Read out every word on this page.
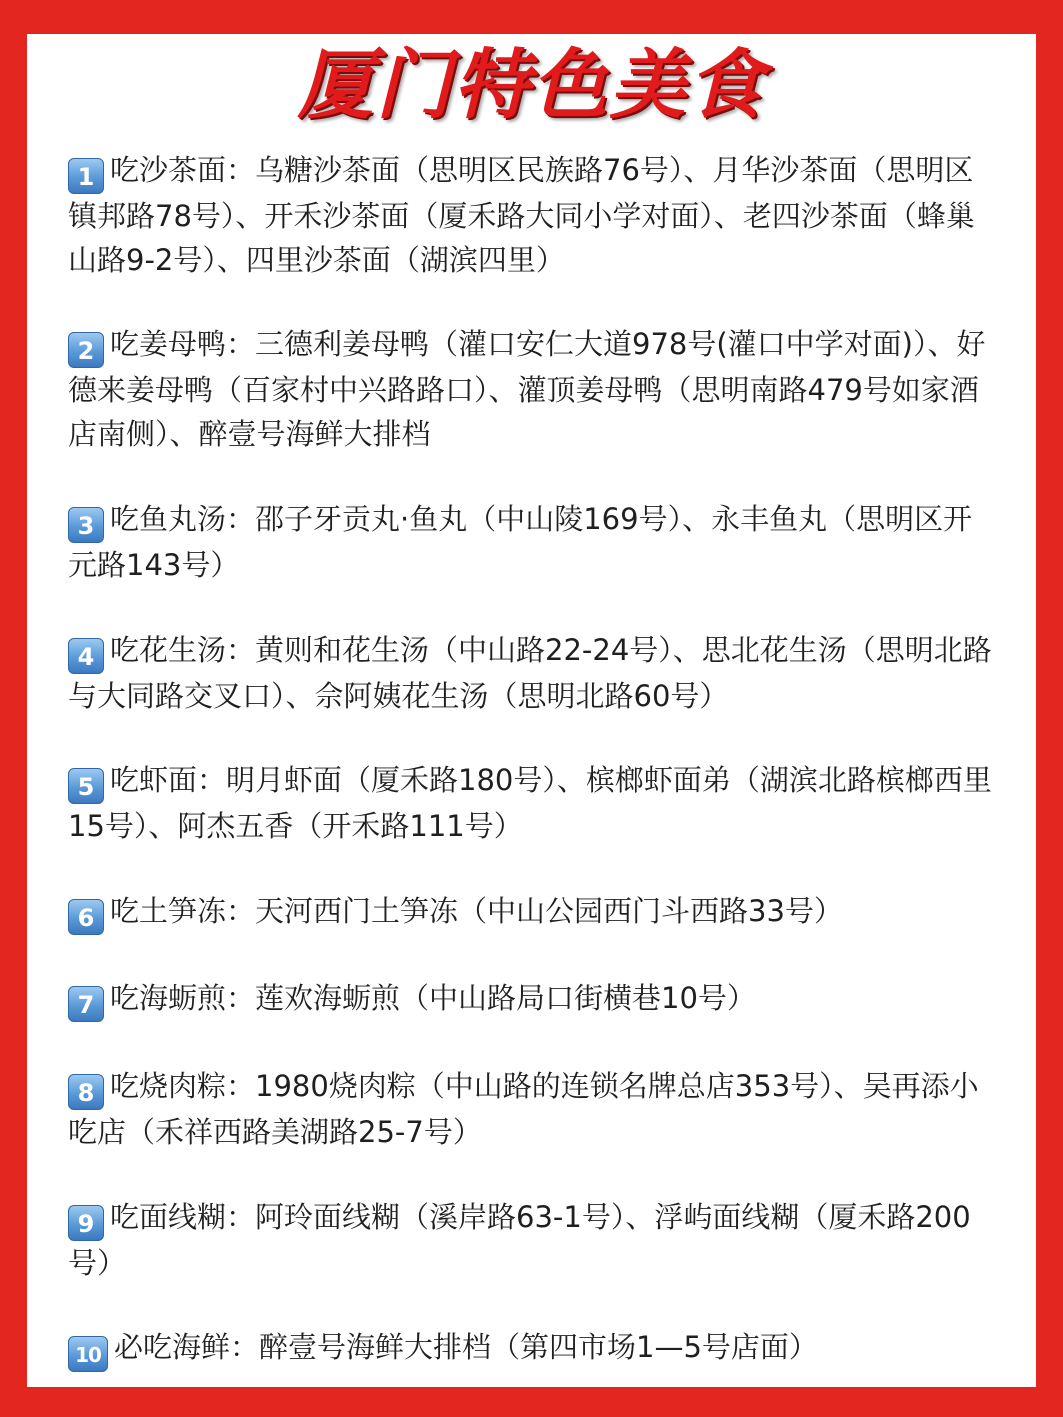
厦门特色美食
1 吃沙茶面：乌糖沙茶面（思明区民族路76号）、月华沙茶面（思明区镇邦路78号）、开禾沙茶面（厦禾路大同小学对面）、老四沙茶面（蜂巢山路9-2号）、四里沙茶面（湖滨四里）
2 吃姜母鸭：三德利姜母鸭（灌口安仁大道978号(灌口中学对面)）、好德来姜母鸭（百家村中兴路路口）、灌顶姜母鸭（思明南路479号如家酒店南侧）、醉壹号海鲜大排档
3 吃鱼丸汤：邵子牙贡丸·鱼丸（中山陵169号）、永丰鱼丸（思明区开元路143号）
4 吃花生汤：黄则和花生汤（中山路22-24号）、思北花生汤（思明北路与大同路交叉口）、佘阿姨花生汤（思明北路60号）
5 吃虾面：明月虾面（厦禾路180号）、槟榔虾面弟（湖滨北路槟榔西里15号）、阿杰五香（开禾路111号）
6 吃土笋冻：天河西门土笋冻（中山公园西门斗西路33号）
7 吃海蛎煎：莲欢海蛎煎（中山路局口街横巷10号）
8 吃烧肉粽：1980烧肉粽（中山路的连锁名牌总店353号）、吴再添小吃店（禾祥西路美湖路25-7号）
9 吃面线糊：阿玲面线糊（溪岸路63-1号）、浮屿面线糊（厦禾路200号）
10 必吃海鲜：醉壹号海鲜大排档（第四市场1—5号店面）
